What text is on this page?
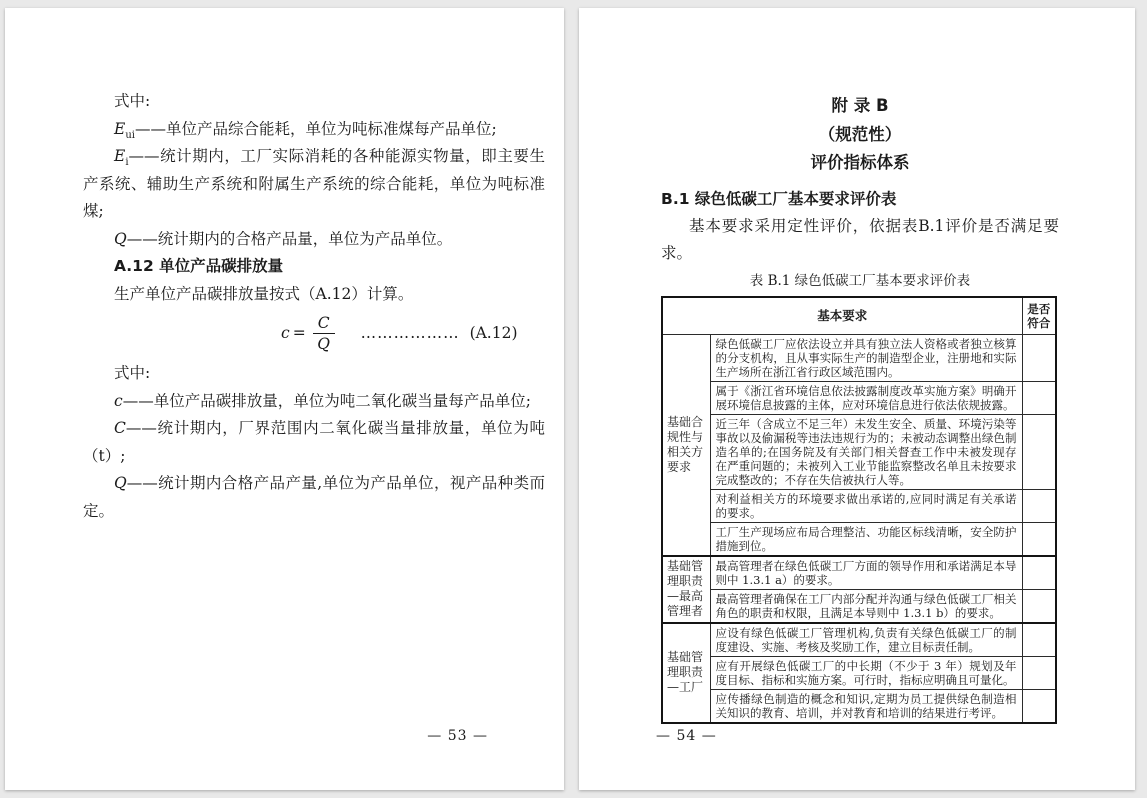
式中:

$E_{ui}——$单位产品综合能耗，单位为吨标准煤每产品单位;

$E_i——$统计期内，工厂实际消耗的各种能源实物量，即主要生产系统、辅助生产系统和附属生产系统的综合能耗，单位为吨标准煤;

Q——统计期内的合格产品量，单位为产品单位。

A.12 单位产品碳排放量

生产单位产品碳排放量按式（A.12）计算。

$c = \frac{C}{Q}$ ……………… (A.12)

式中:

c——单位产品碳排放量，单位为吨二氧化碳当量每产品单位;

C——统计期内，厂界范围内二氧化碳当量排放量，单位为吨（t）;

Q——统计期内合格产品产量,单位为产品单位，视产品种类而定。

— 53 —

附 录 B

（规范性）

评价指标体系

B.1 绿色低碳工厂基本要求评价表

基本要求采用定性评价，依据表B.1评价是否满足要求。

表 B.1 绿色低碳工厂基本要求评价表

基本要求		是否符合
基础合规性与相关方要求	绿色低碳工厂应依法设立并具有独立法人资格或者独立核算的分支机构，且从事实际生产的制造型企业，注册地和实际生产场所在浙江省行政区域范围内。	
	属于《浙江省环境信息依法披露制度改革实施方案》明确开展环境信息披露的主体，应对环境信息进行依法依规披露。	
	近三年（含成立不足三年）未发生安全、质量、环境污染等事故以及偷漏税等违法违规行为的；未被动态调整出绿色制造名单的;在国务院及有关部门相关督查工作中未被发现存在严重问题的；未被列入工业节能监察整改名单且未按要求完成整改的；不存在失信被执行人等。	
	对利益相关方的环境要求做出承诺的,应同时满足有关承诺的要求。	
	工厂生产现场应布局合理整洁、功能区标线清晰，安全防护措施到位。	
基础管理职责—最高管理者	最高管理者在绿色低碳工厂方面的领导作用和承诺满足本导则中 1.3.1 a）的要求。	
	最高管理者确保在工厂内部分配并沟通与绿色低碳工厂相关角色的职责和权限，且满足本导则中 1.3.1 b）的要求。	
基础管理职责—工厂	应设有绿色低碳工厂管理机构,负责有关绿色低碳工厂的制度建设、实施、考核及奖励工作，建立目标责任制。	
	应有开展绿色低碳工厂的中长期（不少于 3 年）规划及年度目标、指标和实施方案。可行时，指标应明确且可量化。	
	应传播绿色制造的概念和知识,定期为员工提供绿色制造相关知识的教育、培训，并对教育和培训的结果进行考评。	
— 54 —
